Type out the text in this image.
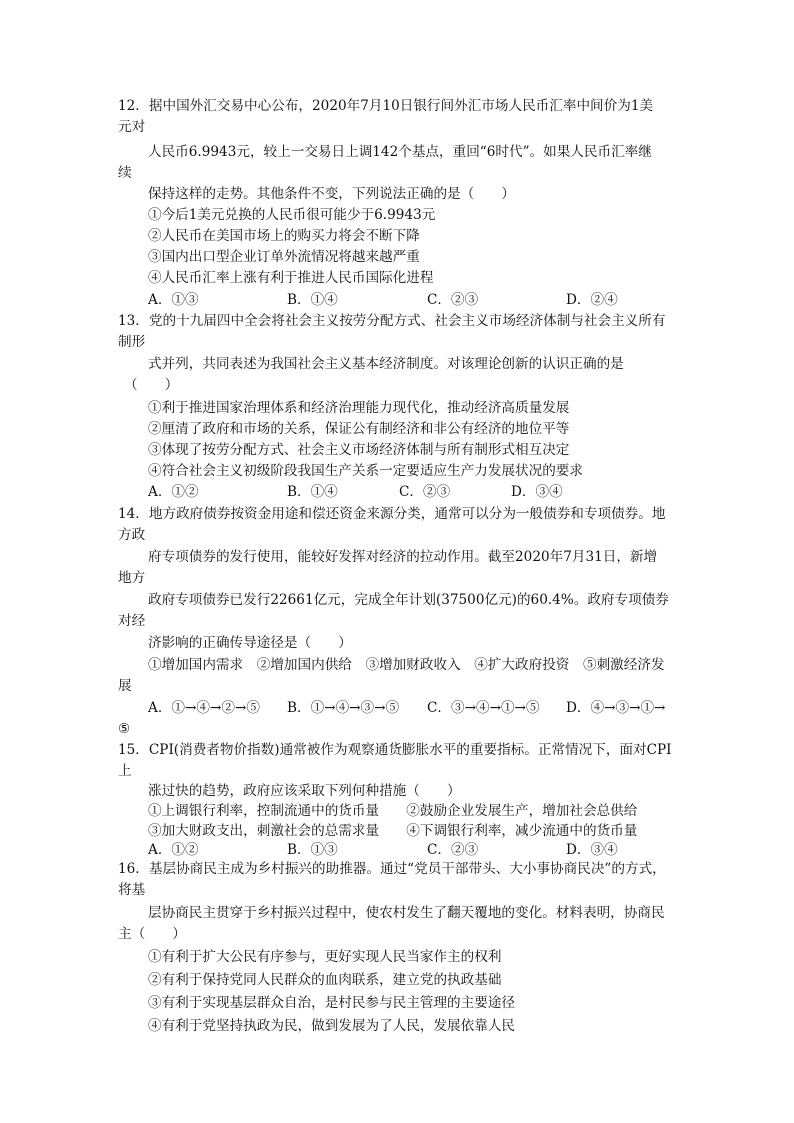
12．据中国外汇交易中心公布，2020年7月10日银行间外汇市场人民币汇率中间价为1美
元对
人民币6.9943元，较上一交易日上调142个基点，重回“6时代”。如果人民币汇率继
续
保持这样的走势。其他条件不变，下列说法正确的是（　　）
①今后1美元兑换的人民币很可能少于6.9943元
②人民币在美国市场上的购买力将会不断下降
③国内出口型企业订单外流情况将越来越严重
④人民币汇率上涨有利于推进人民币国际化进程
A．①③	B．①④	C．②③	D．②④
13．党的十九届四中全会将社会主义按劳分配方式、社会主义市场经济体制与社会主义所有
制形
式并列，共同表述为我国社会主义基本经济制度。对该理论创新的认识正确的是
（　　）
①利于推进国家治理体系和经济治理能力现代化，推动经济高质量发展
②厘清了政府和市场的关系，保证公有制经济和非公有经济的地位平等
③体现了按劳分配方式、社会主义市场经济体制与所有制形式相互决定
④符合社会主义初级阶段我国生产关系一定要适应生产力发展状况的要求
A．①②	B．①④	C．②③	D．③④
14．地方政府债券按资金用途和偿还资金来源分类，通常可以分为一般债券和专项债券。地
方政
府专项债券的发行使用，能较好发挥对经济的拉动作用。截至2020年7月31日，新增
地方
政府专项债券已发行22661亿元，完成全年计划(37500亿元)的60.4%。政府专项债券
对经
济影响的正确传导途径是（　　）
①增加国内需求　②增加国内供给　③增加财政收入　④扩大政府投资　⑤刺激经济发
展
A．①→④→②→⑤ B．①→④→③→⑤ C．③→④→①→⑤ D．④→③→①→
⑤
15．CPI(消费者物价指数)通常被作为观察通货膨胀水平的重要指标。正常情况下，面对CPI
上
涨过快的趋势，政府应该采取下列何种措施（　　）
①上调银行利率，控制流通中的货币量　　②鼓励企业发展生产，增加社会总供给
③加大财政支出，刺激社会的总需求量　　④下调银行利率，减少流通中的货币量
A．①②	B．①③	C．②③	D．③④
16．基层协商民主成为乡村振兴的助推器。通过“党员干部带头、大小事协商民决”的方式，
将基
层协商民主贯穿于乡村振兴过程中，使农村发生了翻天覆地的变化。材料表明，协商民
主（　　）
①有利于扩大公民有序参与，更好实现人民当家作主的权利
②有利于保持党同人民群众的血肉联系，建立党的执政基础
③有利于实现基层群众自治，是村民参与民主管理的主要途径
④有利于党坚持执政为民，做到发展为了人民，发展依靠人民
